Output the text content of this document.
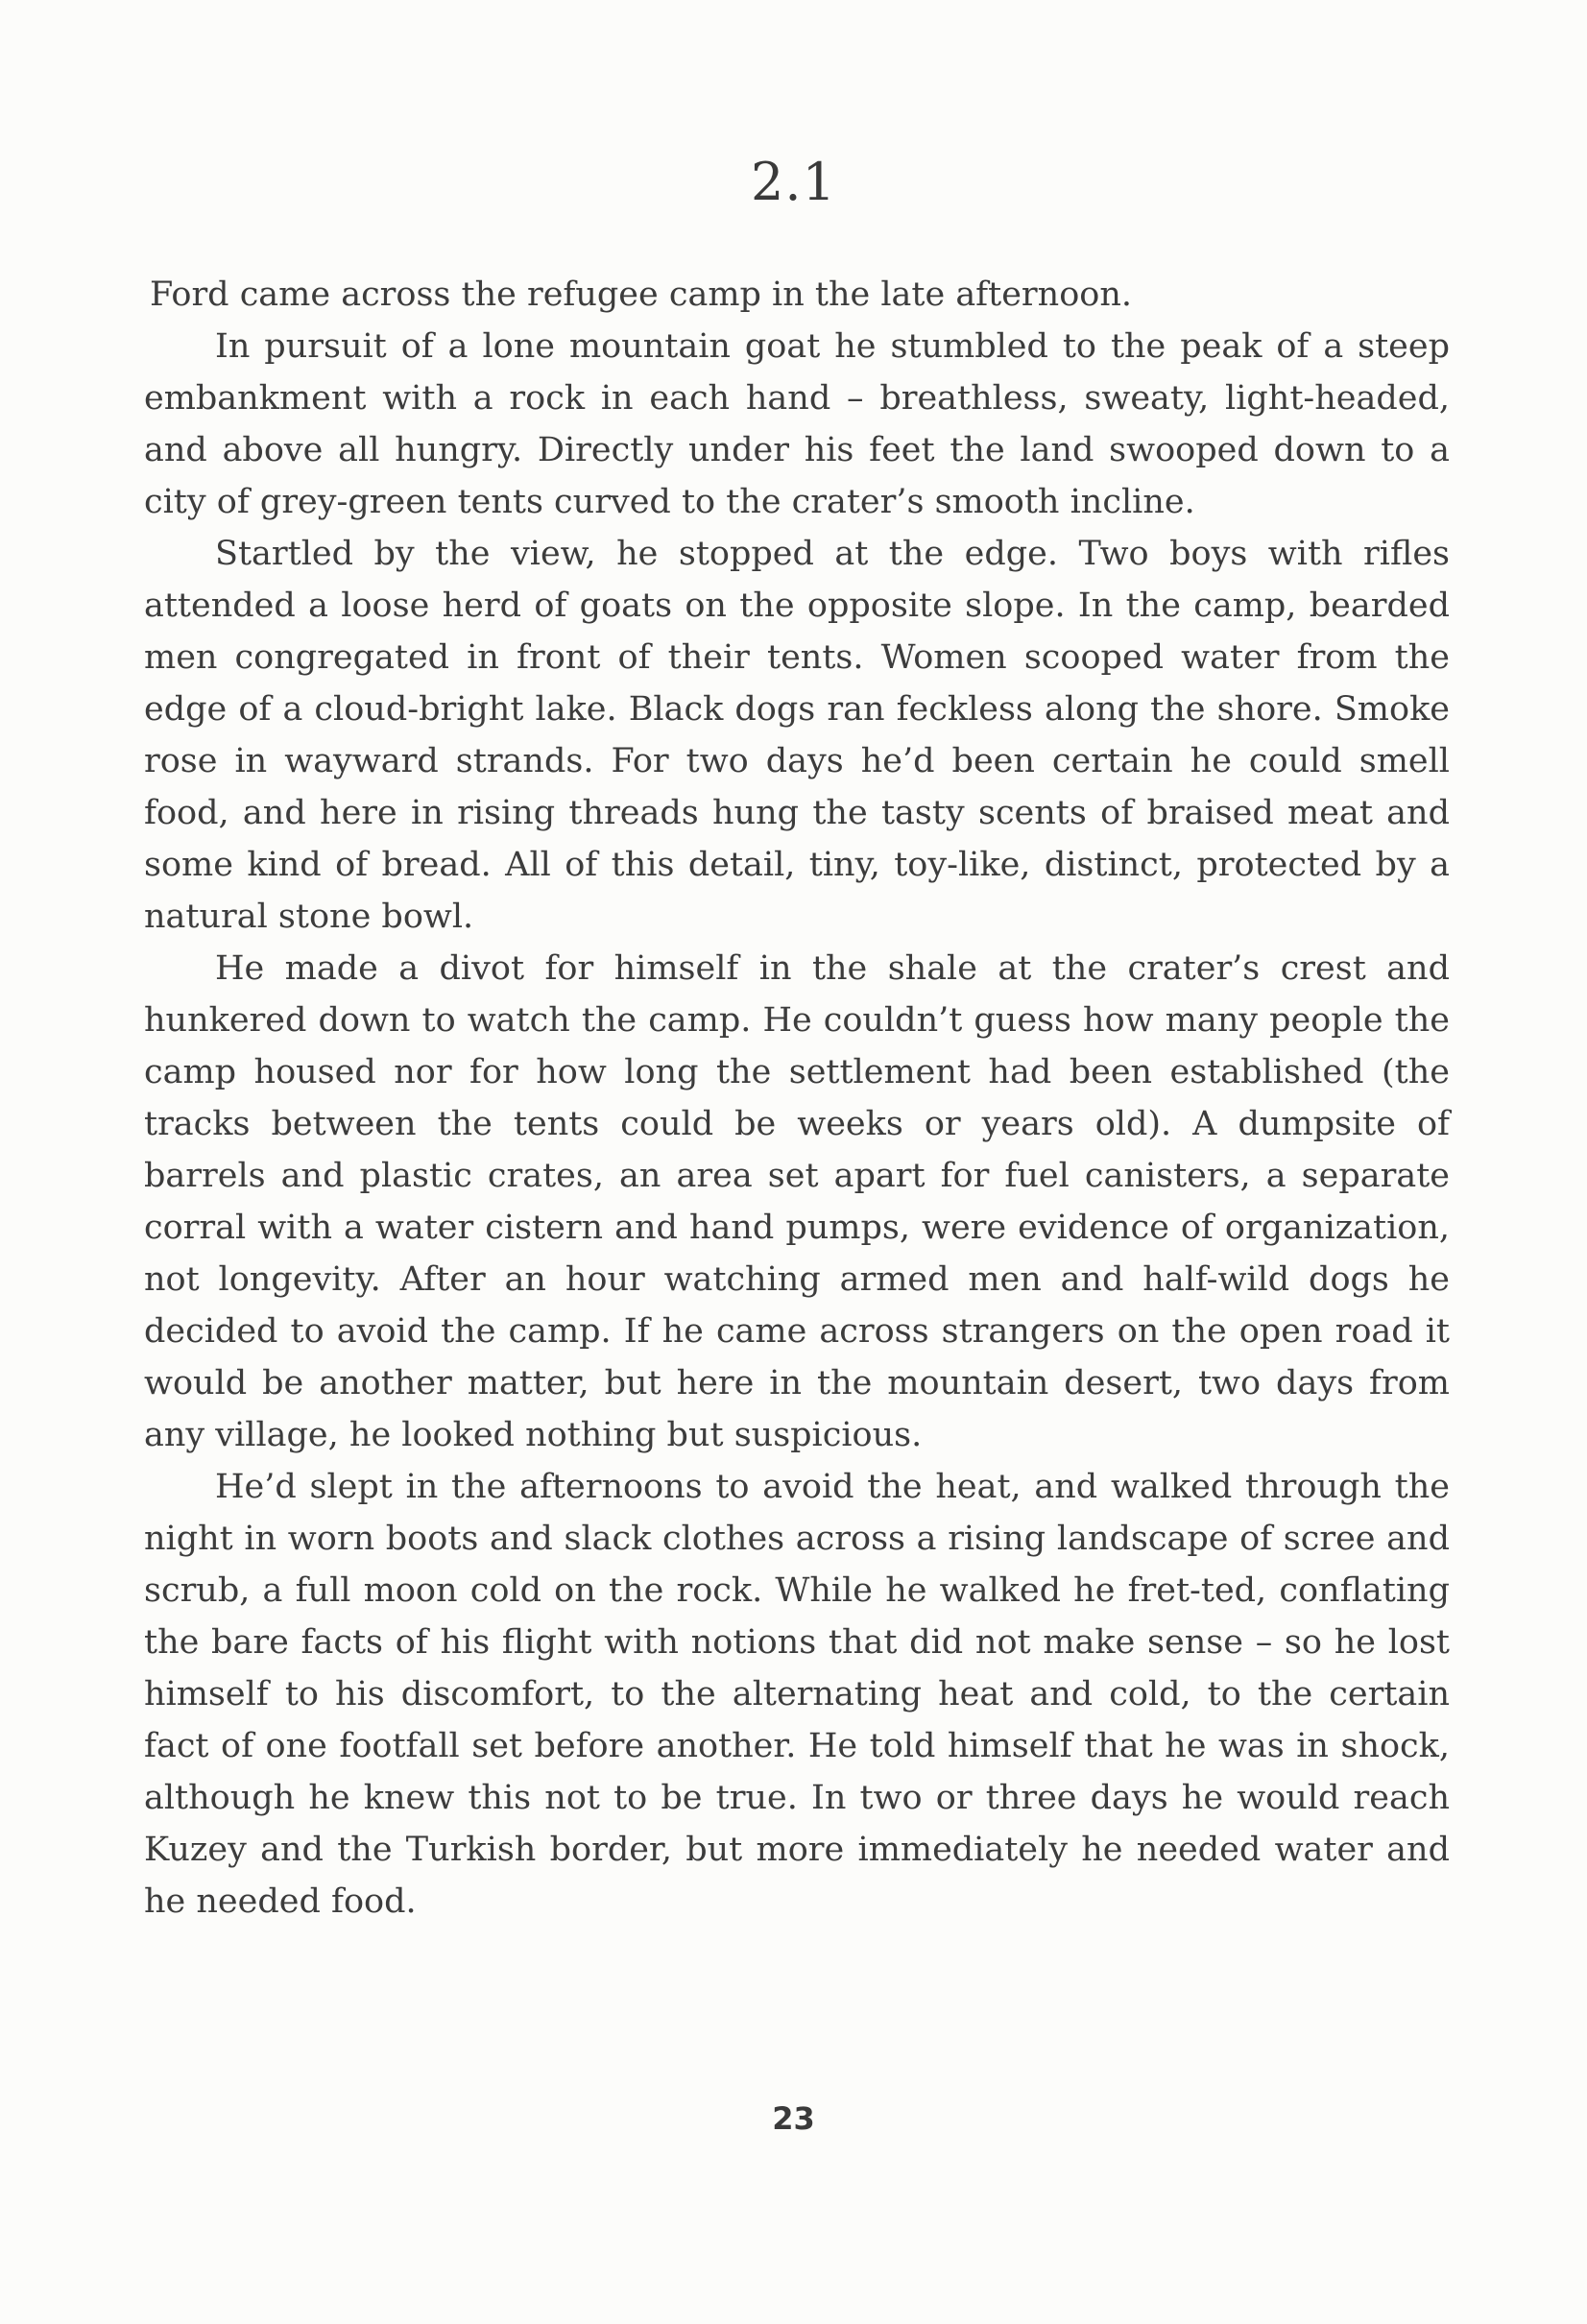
2.1

Ford came across the refugee camp in the late afternoon.

In pursuit of a lone mountain goat he stumbled to the peak of a steep embankment with a rock in each hand – breathless, sweaty, light-headed, and above all hungry. Directly under his feet the land swooped down to a city of grey-green tents curved to the crater’s smooth incline.

Startled by the view, he stopped at the edge. Two boys with rifles attended a loose herd of goats on the opposite slope. In the camp, bearded men congregated in front of their tents. Women scooped water from the edge of a cloud-bright lake. Black dogs ran feckless along the shore. Smoke rose in wayward strands. For two days he’d been certain he could smell food, and here in rising threads hung the tasty scents of braised meat and some kind of bread. All of this detail, tiny, toy-like, distinct, protected by a natural stone bowl.

He made a divot for himself in the shale at the crater’s crest and hunkered down to watch the camp. He couldn’t guess how many people the camp housed nor for how long the settlement had been established (the tracks between the tents could be weeks or years old). A dumpsite of barrels and plastic crates, an area set apart for fuel canisters, a separate corral with a water cistern and hand pumps, were evidence of organization, not longevity. After an hour watching armed men and half-wild dogs he decided to avoid the camp. If he came across strangers on the open road it would be another matter, but here in the mountain desert, two days from any village, he looked nothing but suspicious.

He’d slept in the afternoons to avoid the heat, and walked through the night in worn boots and slack clothes across a rising landscape of scree and scrub, a full moon cold on the rock. While he walked he fret-ted, conflating the bare facts of his flight with notions that did not make sense – so he lost himself to his discomfort, to the alternating heat and cold, to the certain fact of one footfall set before another. He told himself that he was in shock, although he knew this not to be true. In two or three days he would reach Kuzey and the Turkish border, but more immediately he needed water and he needed food.

23
